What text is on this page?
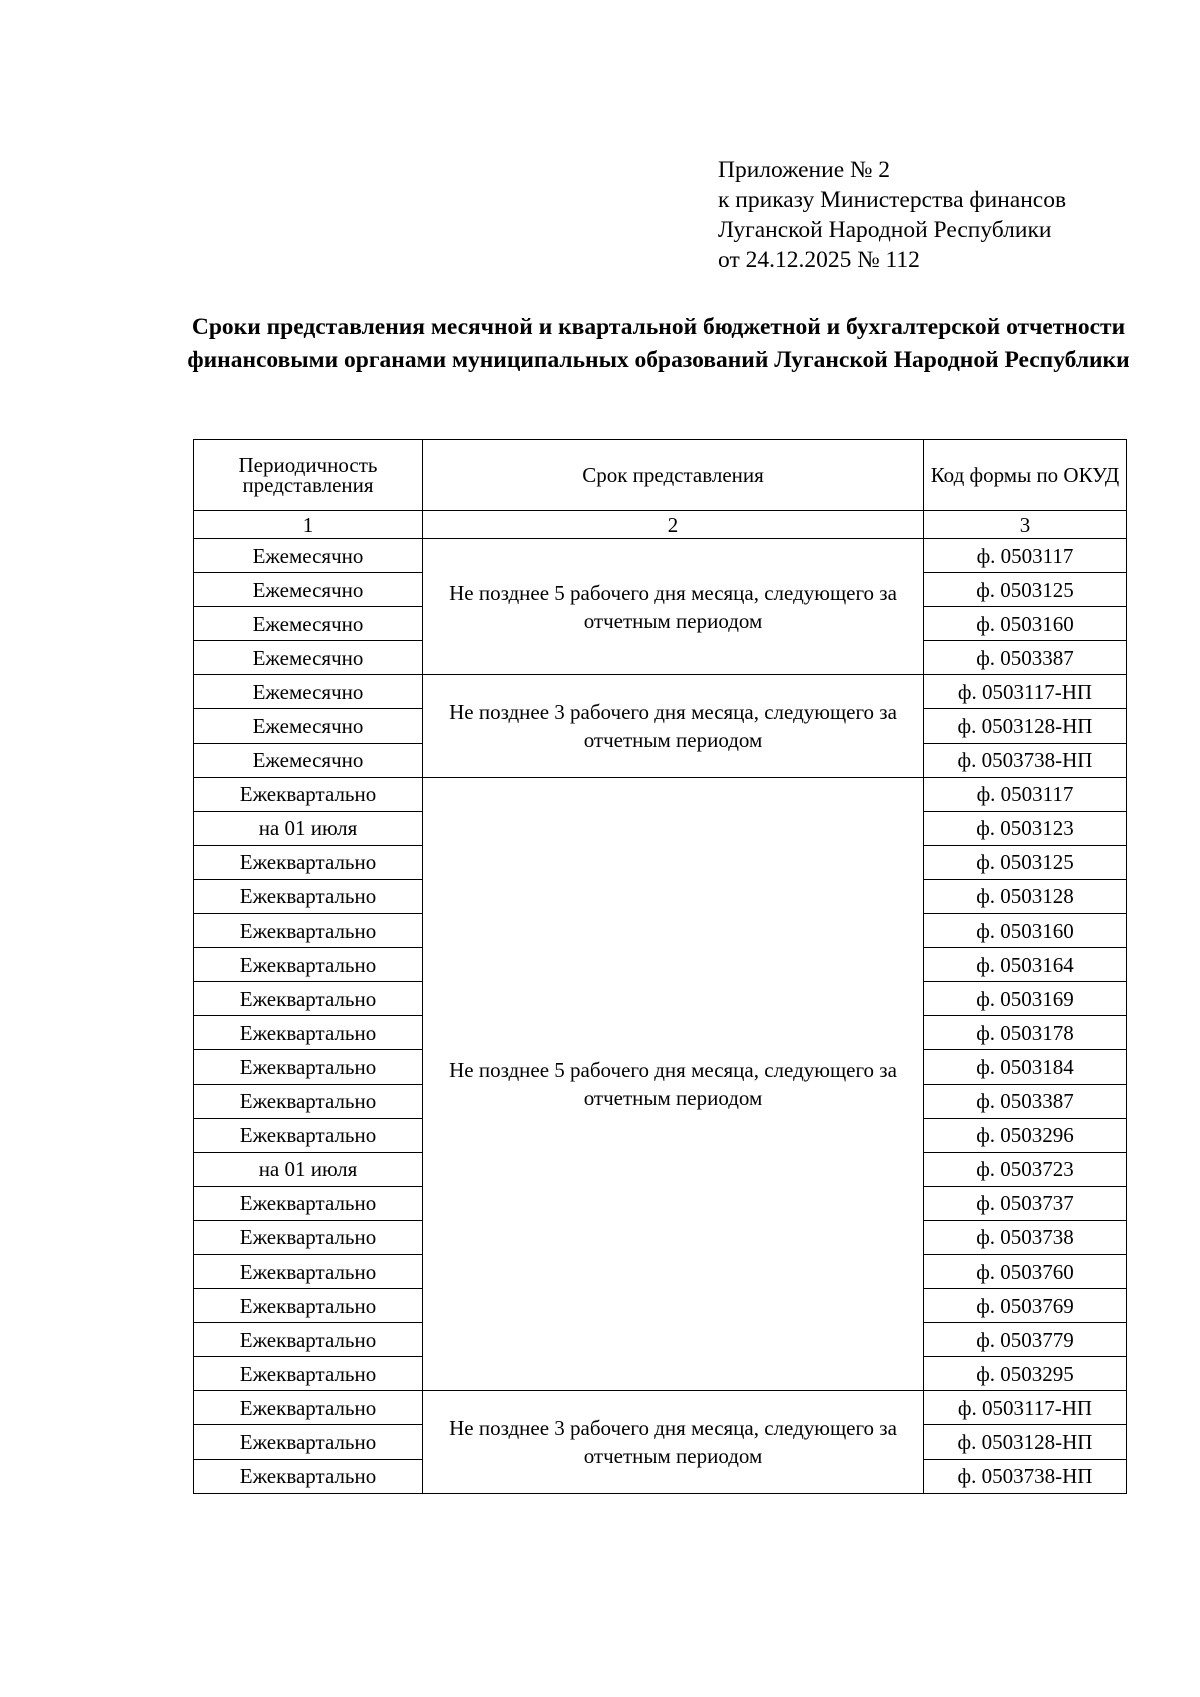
Приложение № 2
к приказу Министерства финансов
Луганской Народной Республики
от 24.12.2025 № 112
Сроки представления месячной и квартальной бюджетной и бухгалтерской отчетности финансовыми органами муниципальных образований Луганской Народной Республики
Периодичность представления	Срок представления	Код формы по ОКУД
1	2	3
Ежемесячно	Не позднее 5 рабочего дня месяца, следующего за отчетным периодом	ф. 0503117
Ежемесячно		ф. 0503125
Ежемесячно		ф. 0503160
Ежемесячно		ф. 0503387
Ежемесячно	Не позднее 3 рабочего дня месяца, следующего за отчетным периодом	ф. 0503117-НП
Ежемесячно		ф. 0503128-НП
Ежемесячно		ф. 0503738-НП
Ежеквартально	Не позднее 5 рабочего дня месяца, следующего за отчетным периодом	ф. 0503117
на 01 июля		ф. 0503123
Ежеквартально		ф. 0503125
Ежеквартально		ф. 0503128
Ежеквартально		ф. 0503160
Ежеквартально		ф. 0503164
Ежеквартально		ф. 0503169
Ежеквартально		ф. 0503178
Ежеквартально		ф. 0503184
Ежеквартально		ф. 0503387
Ежеквартально		ф. 0503296
на 01 июля		ф. 0503723
Ежеквартально		ф. 0503737
Ежеквартально		ф. 0503738
Ежеквартально		ф. 0503760
Ежеквартально		ф. 0503769
Ежеквартально		ф. 0503779
Ежеквартально		ф. 0503295
Ежеквартально	Не позднее 3 рабочего дня месяца, следующего за отчетным периодом	ф. 0503117-НП
Ежеквартально		ф. 0503128-НП
Ежеквартально		ф. 0503738-НП
